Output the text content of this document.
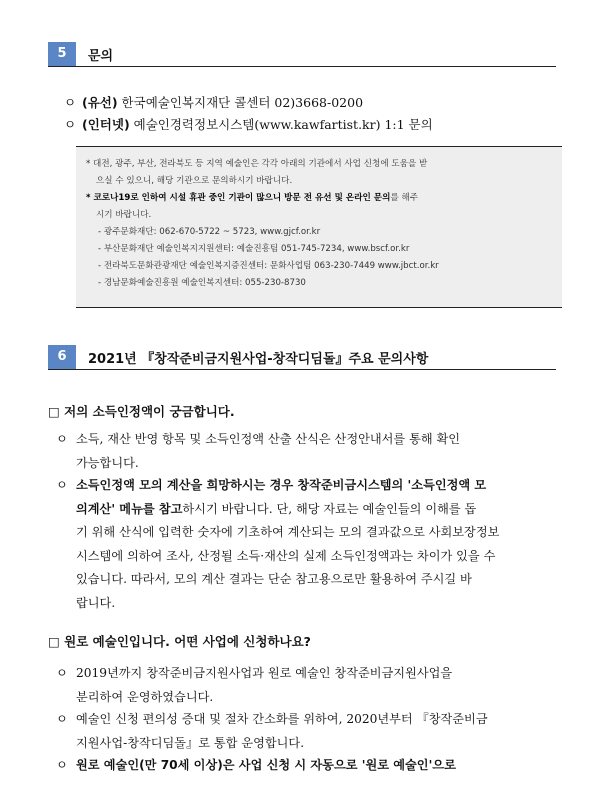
5	문의
ㅇ (유선) 한국예술인복지재단 콜센터 02)3668-0200
ㅇ (인터넷) 예술인경력정보시스템(www.kawfartist.kr) 1:1 문의
* 대전, 광주, 부산, 전라북도 등 지역 예술인은 각각 아래의 기관에서 사업 신청에 도움을 받
으실 수 있으니, 해당 기관으로 문의하시기 바랍니다.
* 코로나19로 인하여 시설 휴관 중인 기관이 많으니 방문 전 유선 및 온라인 문의를 해주
시기 바랍니다.
- 광주문화재단: 062-670-5722 ~ 5723, www.gjcf.or.kr
- 부산문화재단 예술인복지지원센터: 예술진흥팀 051-745-7234, www.bscf.or.kr
- 전라북도문화관광재단 예술인복지증진센터: 문화사업팀 063-230-7449 www.jbct.or.kr
- 경남문화예술진흥원 예술인복지센터: 055-230-8730
6	2021년 『창작준비금지원사업-창작디딤돌』주요 문의사항
□ 저의 소득인정액이 궁금합니다.
ㅇ 소득, 재산 반영 항목 및 소득인정액 산출 산식은 산정안내서를 통해 확인
가능합니다.
ㅇ 소득인정액 모의 계산을 희망하시는 경우 창작준비금시스템의 '소득인정액 모
의계산' 메뉴를 참고하시기 바랍니다. 단, 해당 자료는 예술인들의 이해를 돕
기 위해 산식에 입력한 숫자에 기초하여 계산되는 모의 결과값으로 사회보장정보
시스템에 의하여 조사, 산정될 소득·재산의 실제 소득인정액과는 차이가 있을 수
있습니다. 따라서, 모의 계산 결과는 단순 참고용으로만 활용하여 주시길 바
랍니다.
□ 원로 예술인입니다. 어떤 사업에 신청하나요?
ㅇ 2019년까지 창작준비금지원사업과 원로 예술인 창작준비금지원사업을
분리하여 운영하였습니다.
ㅇ 예술인 신청 편의성 증대 및 절차 간소화를 위하여, 2020년부터 『창작준비금
지원사업-창작디딤돌』로 통합 운영합니다.
ㅇ 원로 예술인(만 70세 이상)은 사업 신청 시 자동으로 '원로 예술인'으로
